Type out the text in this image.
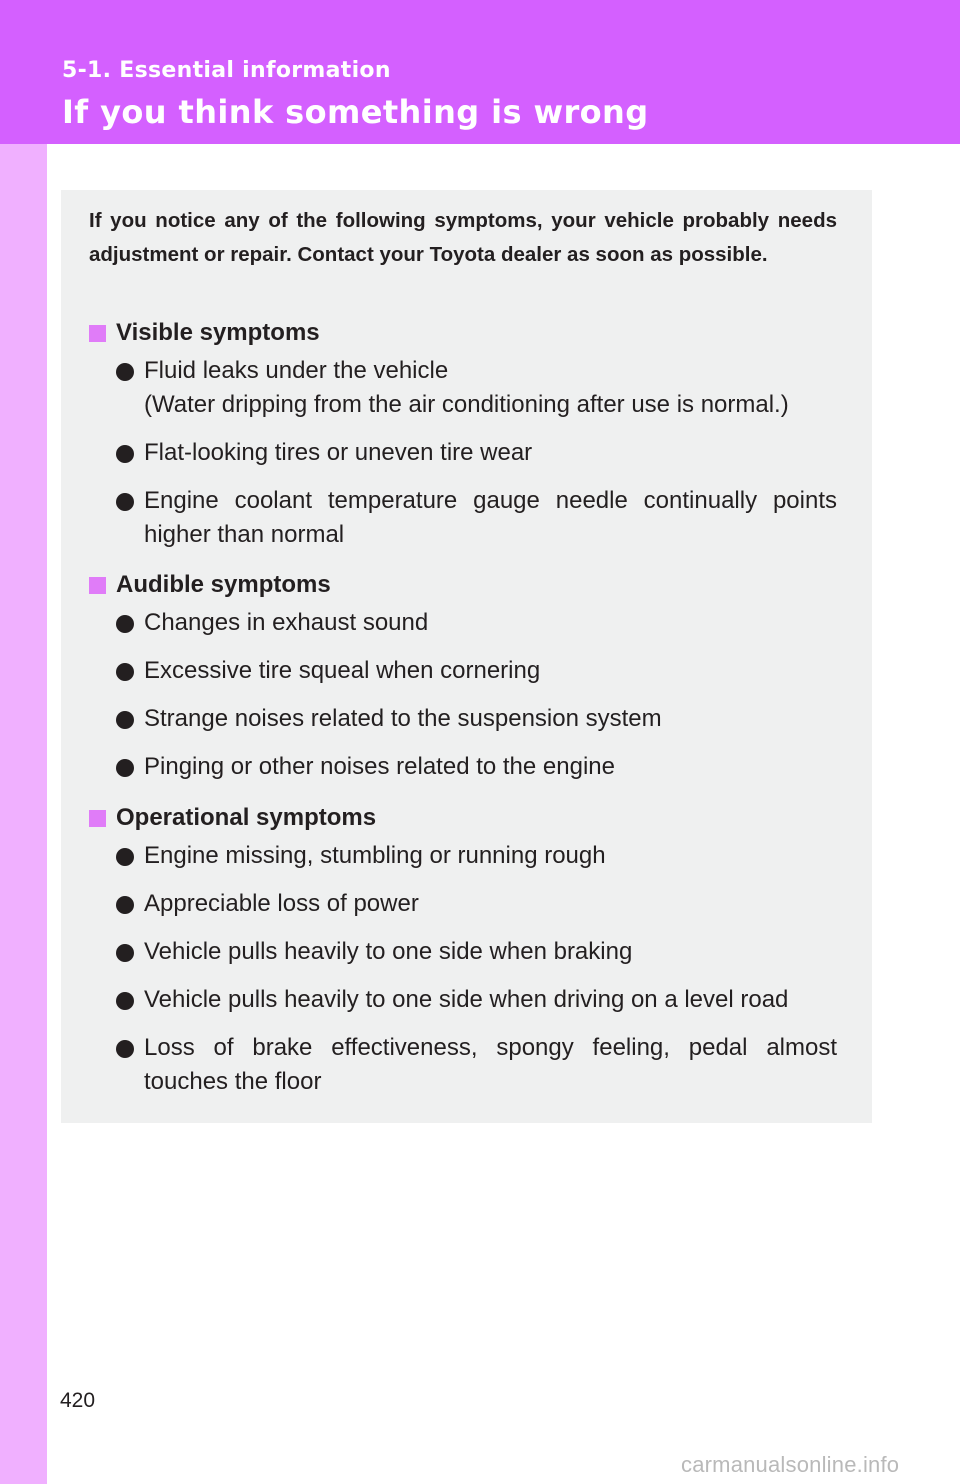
5-1. Essential information
If you think something is wrong
If you notice any of the following symptoms, your vehicle probably needs adjustment or repair. Contact your Toyota dealer as soon as possible.
Visible symptoms
Fluid leaks under the vehicle
(Water dripping from the air conditioning after use is normal.)
Flat-looking tires or uneven tire wear
Engine coolant temperature gauge needle continually points higher than normal
Audible symptoms
Changes in exhaust sound
Excessive tire squeal when cornering
Strange noises related to the suspension system
Pinging or other noises related to the engine
Operational symptoms
Engine missing, stumbling or running rough
Appreciable loss of power
Vehicle pulls heavily to one side when braking
Vehicle pulls heavily to one side when driving on a level road
Loss of brake effectiveness, spongy feeling, pedal almost touches the floor
420
carmanualsonline.info
